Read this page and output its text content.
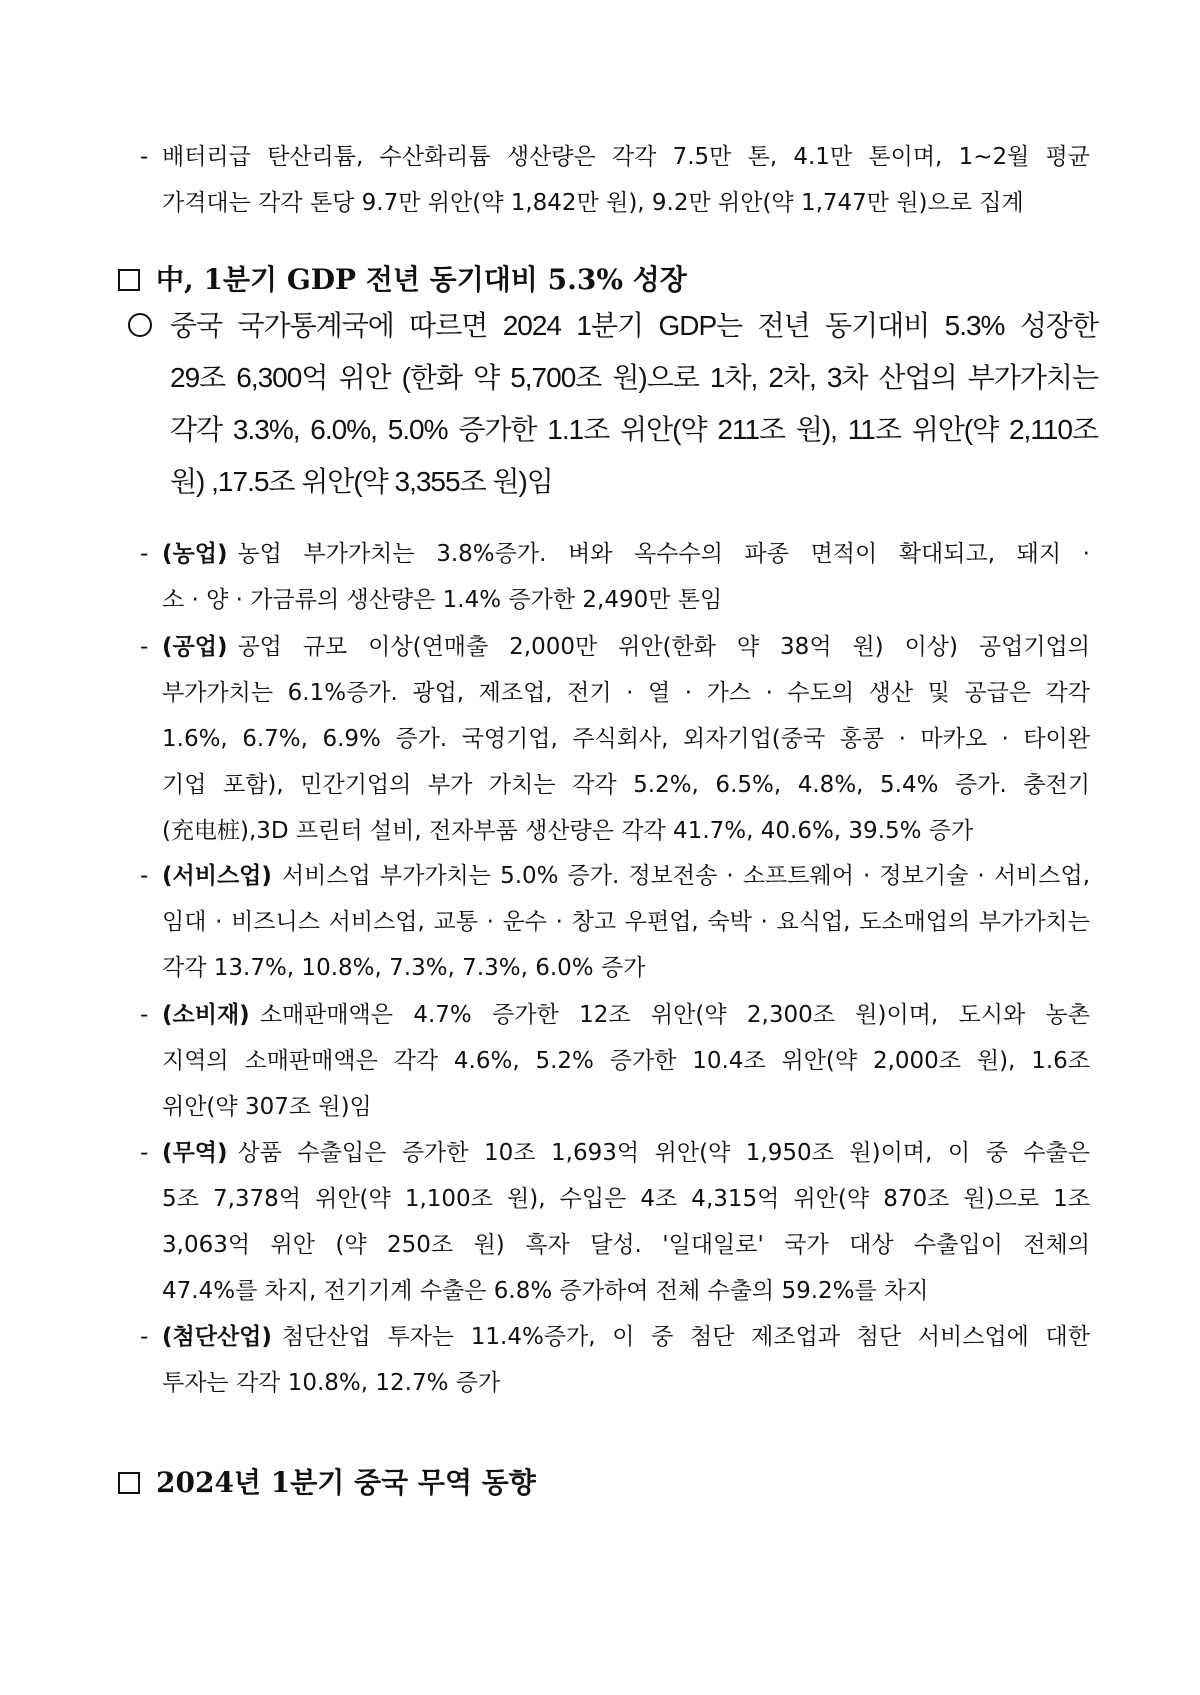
- 배터리급 탄산리튬, 수산화리튬 생산량은 각각 7.5만 톤, 4.1만 톤이며, 1~2월 평균
가격대는 각각 톤당 9.7만 위안(약 1,842만 원), 9.2만 위안(약 1,747만 원)으로 집계
中, 1분기 GDP 전년 동기대비 5.3% 성장
중국 국가통계국에 따르면 2024 1분기 GDP는 전년 동기대비 5.3% 성장한
29조 6,300억 위안 (한화 약 5,700조 원)으로 1차, 2차, 3차 산업의 부가가치는
각각 3.3%, 6.0%, 5.0% 증가한 1.1조 위안(약 211조 원), 11조 위안(약 2,110조
원) ,17.5조 위안(약 3,355조 원)임
- (농업) 농업 부가가치는 3.8%증가. 벼와 옥수수의 파종 면적이 확대되고, 돼지 ·
소 · 양 · 가금류의 생산량은 1.4% 증가한 2,490만 톤임
- (공업) 공업 규모 이상(연매출 2,000만 위안(한화 약 38억 원) 이상) 공업기업의
부가가치는 6.1%증가. 광업, 제조업, 전기 · 열 · 가스 · 수도의 생산 및 공급은 각각
1.6%, 6.7%, 6.9% 증가. 국영기업, 주식회사, 외자기업(중국 홍콩 · 마카오 · 타이완
기업 포함), 민간기업의 부가 가치는 각각 5.2%, 6.5%, 4.8%, 5.4% 증가. 충전기
(充电桩),3D 프린터 설비, 전자부품 생산량은 각각 41.7%, 40.6%, 39.5% 증가
- (서비스업) 서비스업 부가가치는 5.0% 증가. 정보전송 · 소프트웨어 · 정보기술 · 서비스업,
임대 · 비즈니스 서비스업, 교통 · 운수 · 창고 우편업, 숙박 · 요식업, 도소매업의 부가가치는
각각 13.7%, 10.8%, 7.3%, 7.3%, 6.0% 증가
- (소비재) 소매판매액은 4.7% 증가한 12조 위안(약 2,300조 원)이며, 도시와 농촌
지역의 소매판매액은 각각 4.6%, 5.2% 증가한 10.4조 위안(약 2,000조 원), 1.6조
위안(약 307조 원)임
- (무역) 상품 수출입은 증가한 10조 1,693억 위안(약 1,950조 원)이며, 이 중 수출은
5조 7,378억 위안(약 1,100조 원), 수입은 4조 4,315억 위안(약 870조 원)으로 1조
3,063억 위안 (약 250조 원) 흑자 달성. '일대일로' 국가 대상 수출입이 전체의
47.4%를 차지, 전기기계 수출은 6.8% 증가하여 전체 수출의 59.2%를 차지
- (첨단산업) 첨단산업 투자는 11.4%증가, 이 중 첨단 제조업과 첨단 서비스업에 대한
투자는 각각 10.8%, 12.7% 증가
2024년 1분기 중국 무역 동향
